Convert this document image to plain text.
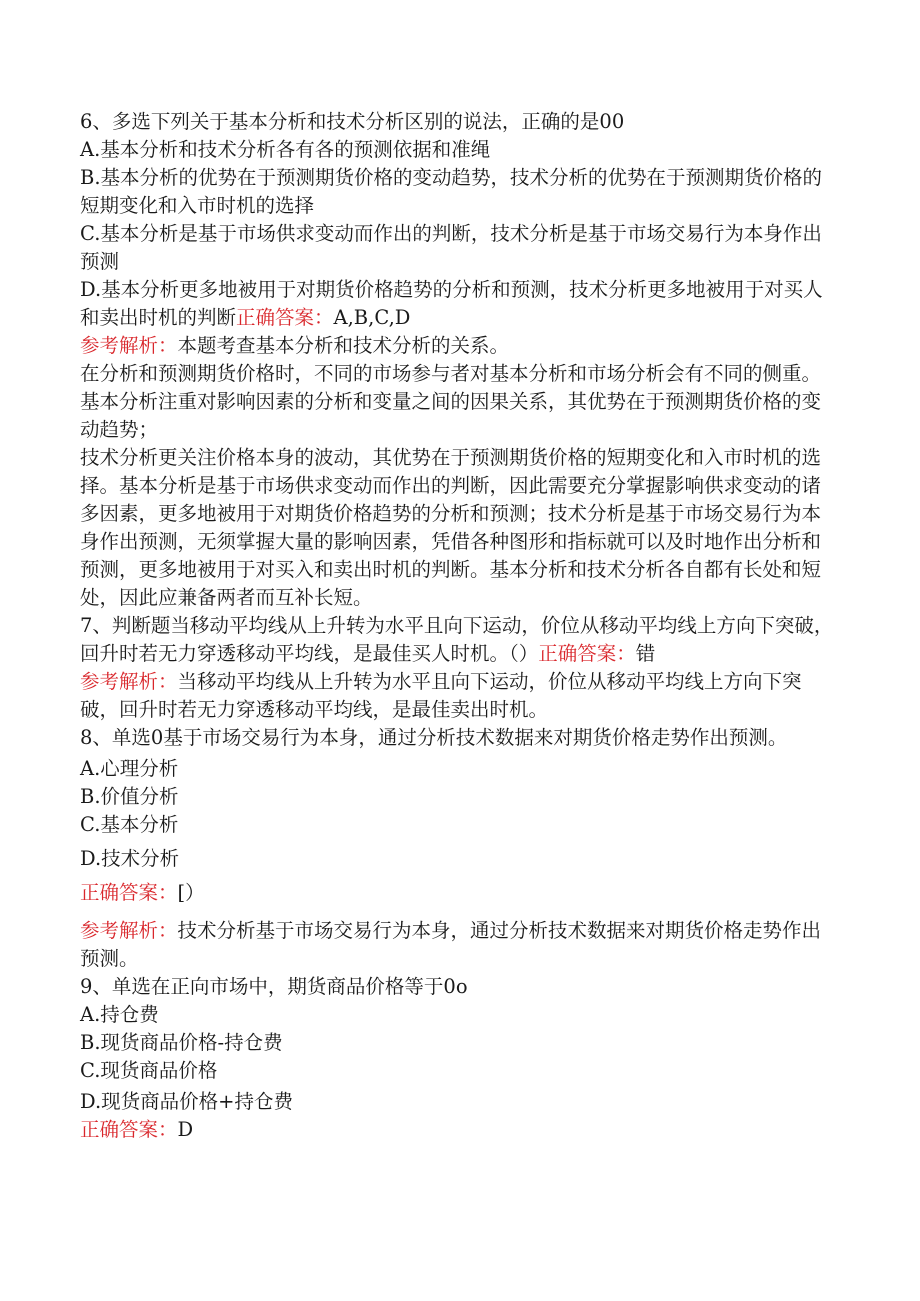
6、多选下列关于基本分析和技术分析区别的说法，正确的是00

A.基本分析和技术分析各有各的预测依据和准绳

B.基本分析的优势在于预测期货价格的变动趋势，技术分析的优势在于预测期货价格的短期变化和入市时机的选择

C.基本分析是基于市场供求变动而作出的判断，技术分析是基于市场交易行为本身作出预测

D.基本分析更多地被用于对期货价格趋势的分析和预测，技术分析更多地被用于对买人和卖出时机的判断正确答案：A,B,C,D

参考解析：本题考查基本分析和技术分析的关系。

在分析和预测期货价格时，不同的市场参与者对基本分析和市场分析会有不同的侧重。基本分析注重对影响因素的分析和变量之间的因果关系，其优势在于预测期货价格的变动趋势；

技术分析更关注价格本身的波动，其优势在于预测期货价格的短期变化和入市时机的选择。基本分析是基于市场供求变动而作出的判断，因此需要充分掌握影响供求变动的诸多因素，更多地被用于对期货价格趋势的分析和预测；技术分析是基于市场交易行为本身作出预测，无须掌握大量的影响因素，凭借各种图形和指标就可以及时地作出分析和预测，更多地被用于对买入和卖出时机的判断。基本分析和技术分析各自都有长处和短处，因此应兼备两者而互补长短。

7、判断题当移动平均线从上升转为水平且向下运动，价位从移动平均线上方向下突破，回升时若无力穿透移动平均线，是最佳买人时机。（）正确答案：错

参考解析：当移动平均线从上升转为水平且向下运动，价位从移动平均线上方向下突破，回升时若无力穿透移动平均线，是最佳卖出时机。

8、单选0基于市场交易行为本身，通过分析技术数据来对期货价格走势作出预测。

A.心理分析

B.价值分析

C.基本分析

D.技术分析

正确答案：[）

参考解析：技术分析基于市场交易行为本身，通过分析技术数据来对期货价格走势作出预测。

9、单选在正向市场中，期货商品价格等于0o

A.持仓费

B.现货商品价格-持仓费

C.现货商品价格

D.现货商品价格+持仓费

正确答案：D
